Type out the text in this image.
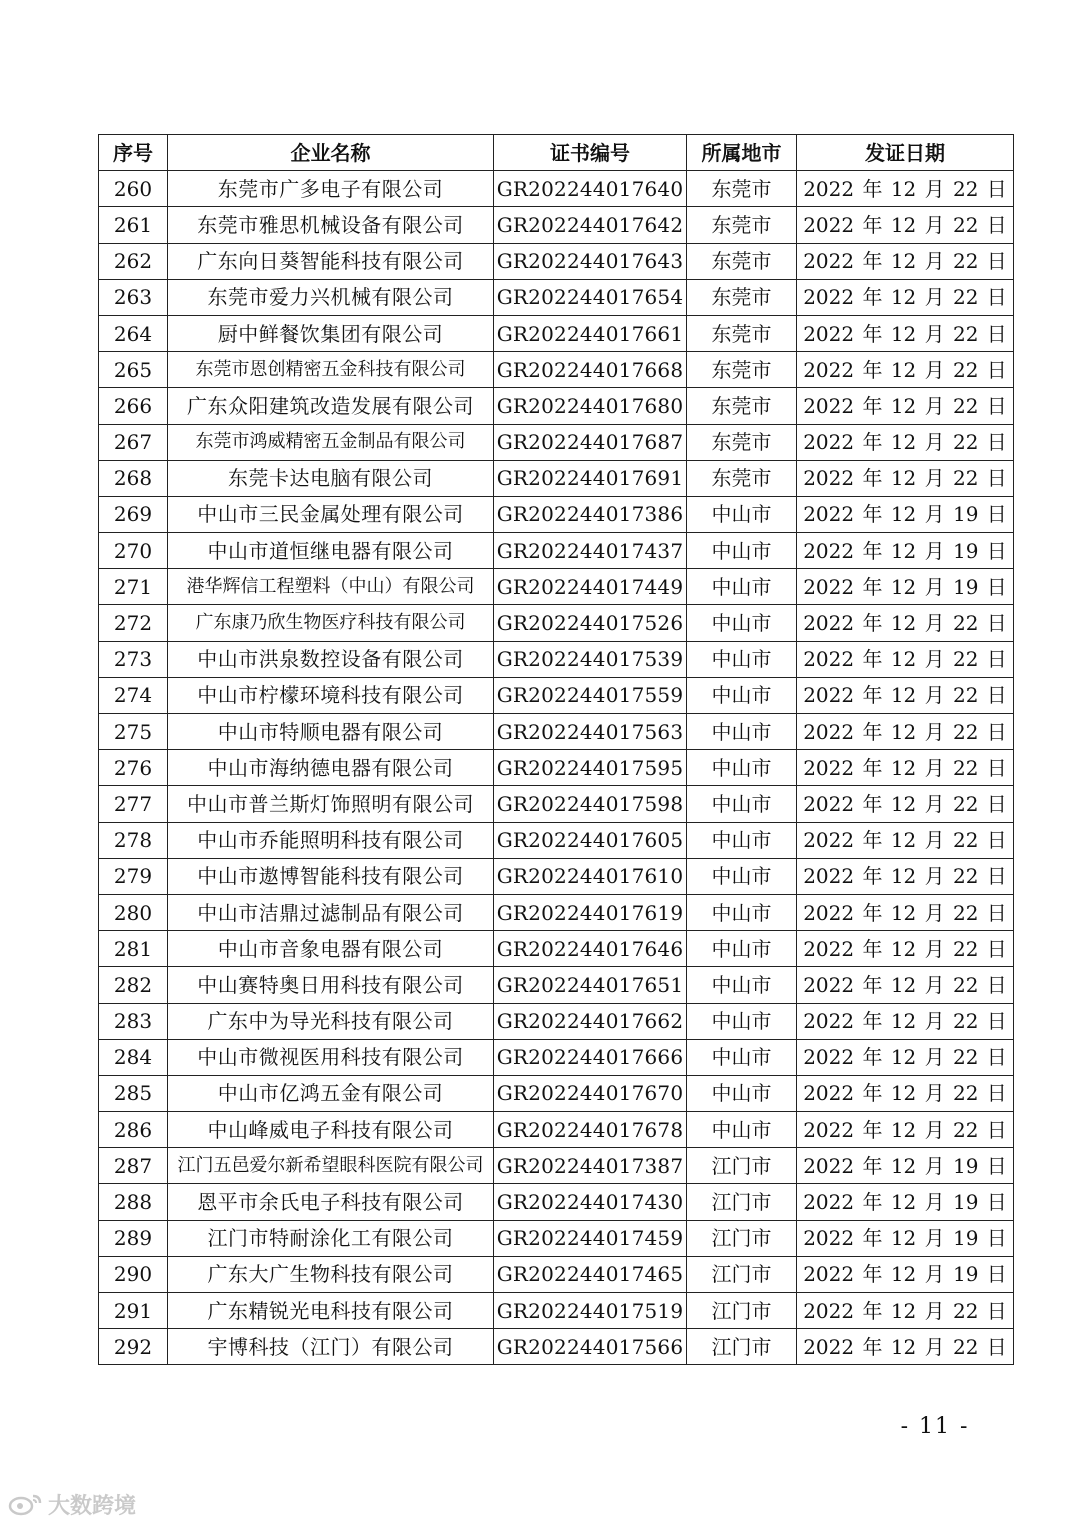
序号	企业名称	证书编号	所属地市	发证日期
260	东莞市广多电子有限公司	GR202244017640	东莞市	2022 年 12 月 22 日
261	东莞市雅思机械设备有限公司	GR202244017642	东莞市	2022 年 12 月 22 日
262	广东向日葵智能科技有限公司	GR202244017643	东莞市	2022 年 12 月 22 日
263	东莞市爱力兴机械有限公司	GR202244017654	东莞市	2022 年 12 月 22 日
264	厨中鲜餐饮集团有限公司	GR202244017661	东莞市	2022 年 12 月 22 日
265	东莞市恩创精密五金科技有限公司	GR202244017668	东莞市	2022 年 12 月 22 日
266	广东众阳建筑改造发展有限公司	GR202244017680	东莞市	2022 年 12 月 22 日
267	东莞市鸿威精密五金制品有限公司	GR202244017687	东莞市	2022 年 12 月 22 日
268	东莞卡达电脑有限公司	GR202244017691	东莞市	2022 年 12 月 22 日
269	中山市三民金属处理有限公司	GR202244017386	中山市	2022 年 12 月 19 日
270	中山市道恒继电器有限公司	GR202244017437	中山市	2022 年 12 月 19 日
271	港华辉信工程塑料（中山）有限公司	GR202244017449	中山市	2022 年 12 月 19 日
272	广东康乃欣生物医疗科技有限公司	GR202244017526	中山市	2022 年 12 月 22 日
273	中山市洪泉数控设备有限公司	GR202244017539	中山市	2022 年 12 月 22 日
274	中山市柠檬环境科技有限公司	GR202244017559	中山市	2022 年 12 月 22 日
275	中山市特顺电器有限公司	GR202244017563	中山市	2022 年 12 月 22 日
276	中山市海纳德电器有限公司	GR202244017595	中山市	2022 年 12 月 22 日
277	中山市普兰斯灯饰照明有限公司	GR202244017598	中山市	2022 年 12 月 22 日
278	中山市乔能照明科技有限公司	GR202244017605	中山市	2022 年 12 月 22 日
279	中山市遨博智能科技有限公司	GR202244017610	中山市	2022 年 12 月 22 日
280	中山市洁鼎过滤制品有限公司	GR202244017619	中山市	2022 年 12 月 22 日
281	中山市音象电器有限公司	GR202244017646	中山市	2022 年 12 月 22 日
282	中山赛特奥日用科技有限公司	GR202244017651	中山市	2022 年 12 月 22 日
283	广东中为导光科技有限公司	GR202244017662	中山市	2022 年 12 月 22 日
284	中山市微视医用科技有限公司	GR202244017666	中山市	2022 年 12 月 22 日
285	中山市亿鸿五金有限公司	GR202244017670	中山市	2022 年 12 月 22 日
286	中山峰威电子科技有限公司	GR202244017678	中山市	2022 年 12 月 22 日
287	江门五邑爱尔新希望眼科医院有限公司	GR202244017387	江门市	2022 年 12 月 19 日
288	恩平市余氏电子科技有限公司	GR202244017430	江门市	2022 年 12 月 19 日
289	江门市特耐涂化工有限公司	GR202244017459	江门市	2022 年 12 月 19 日
290	广东大广生物科技有限公司	GR202244017465	江门市	2022 年 12 月 19 日
291	广东精锐光电科技有限公司	GR202244017519	江门市	2022 年 12 月 22 日
292	宇博科技（江门）有限公司	GR202244017566	江门市	2022 年 12 月 22 日
- 11 -
大数跨境
